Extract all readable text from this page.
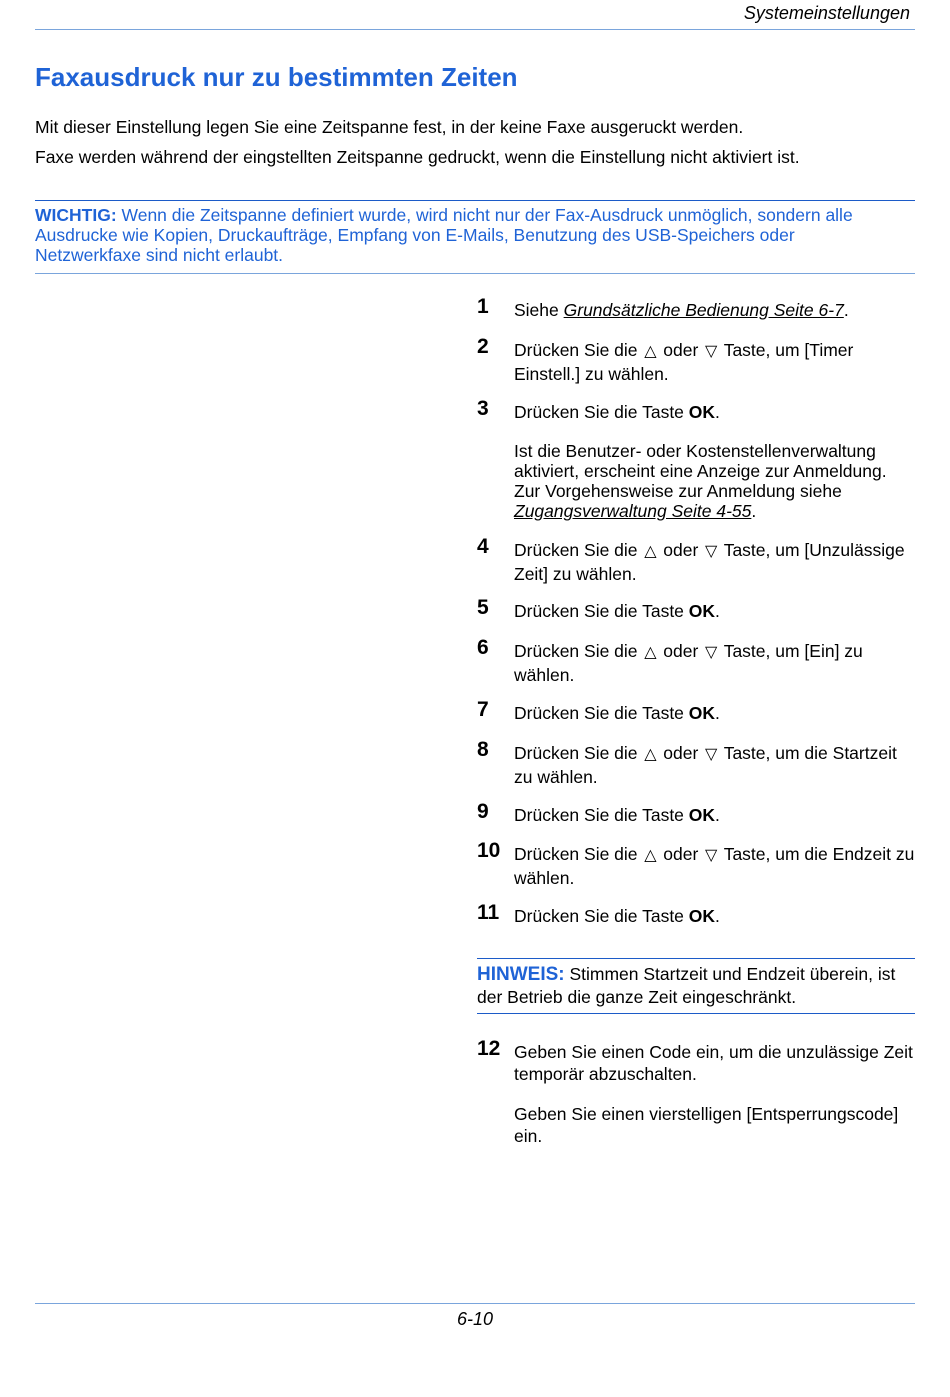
Systemeinstellungen
Faxausdruck nur zu bestimmten Zeiten

Mit dieser Einstellung legen Sie eine Zeitspanne fest, in der keine Faxe ausgeruckt werden.

Faxe werden während der eingstellten Zeitspanne gedruckt, wenn die Einstellung nicht aktiviert ist.

WICHTIG: Wenn die Zeitspanne definiert wurde, wird nicht nur der Fax-Ausdruck unmöglich, sondern alle Ausdrucke wie Kopien, Druckaufträge, Empfang von E-Mails, Benutzung des USB-Speichers oder Netzwerkfaxe sind nicht erlaubt.

1 Siehe Grundsätzliche Bedienung Seite 6-7.
2 Drücken Sie die △ oder ▽ Taste, um [Timer Einstell.] zu wählen.
3 Drücken Sie die Taste OK.
Ist die Benutzer- oder Kostenstellenverwaltung aktiviert, erscheint eine Anzeige zur Anmeldung. Zur Vorgehensweise zur Anmeldung siehe Zugangsverwaltung Seite 4-55.
4 Drücken Sie die △ oder ▽ Taste, um [Unzulässige Zeit] zu wählen.
5 Drücken Sie die Taste OK.
6 Drücken Sie die △ oder ▽ Taste, um [Ein] zu wählen.
7 Drücken Sie die Taste OK.
8 Drücken Sie die △ oder ▽ Taste, um die Startzeit zu wählen.
9 Drücken Sie die Taste OK.
10 Drücken Sie die △ oder ▽ Taste, um die Endzeit zu wählen.
11 Drücken Sie die Taste OK.

HINWEIS: Stimmen Startzeit und Endzeit überein, ist der Betrieb die ganze Zeit eingeschränkt.

12 Geben Sie einen Code ein, um die unzulässige Zeit temporär abzuschalten.
Geben Sie einen vierstelligen [Entsperrungscode] ein.
6-10
